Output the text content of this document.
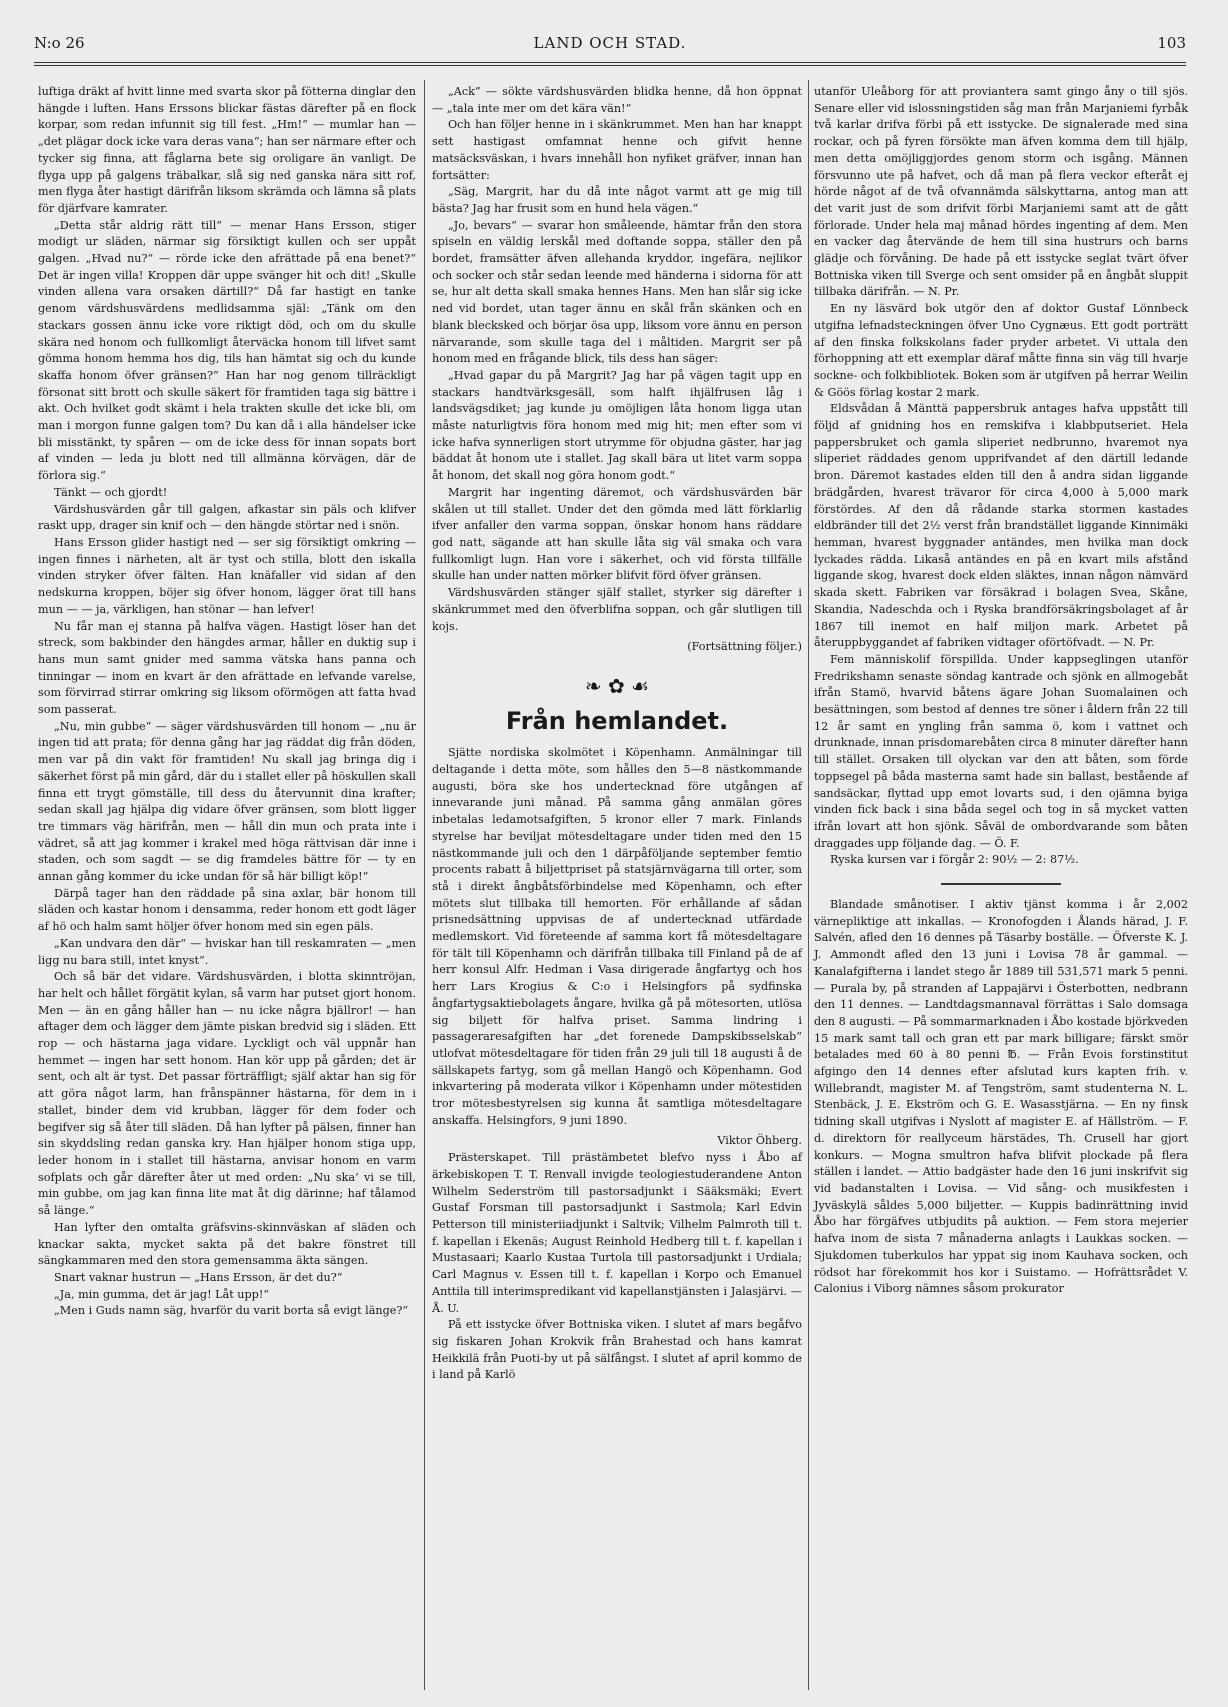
N:o 26	LAND OCH STAD.	103

luftiga dräkt af hvitt linne med svarta skor på fötterna dinglar den hängde i luften. Hans Erssons blickar fästas därefter på en flock korpar, som redan infunnit sig till fest. „Hm!“ — mumlar han — „det plägar dock icke vara deras vana“; han ser närmare efter och tycker sig finna, att fåglarna bete sig oroligare än vanligt. De flyga upp på galgens träbalkar, slå sig ned ganska nära sitt rof, men flyga åter hastigt därifrån liksom skrämda och lämna så plats för djärfvare kamrater.

„Detta står aldrig rätt till“ — menar Hans Ersson, stiger modigt ur släden, närmar sig försiktigt kullen och ser uppåt galgen. „Hvad nu?“ — rörde icke den afrättade på ena benet?“ Det är ingen villa! Kroppen där uppe svänger hit och dit! „Skulle vinden allena vara orsaken därtill?“ Då far hastigt en tanke genom värdshusvärdens medlidsamma själ: „Tänk om den stackars gossen ännu icke vore riktigt död, och om du skulle skära ned honom och fullkomligt återväcka honom till lifvet samt gömma honom hemma hos dig, tils han hämtat sig och du kunde skaffa honom öfver gränsen?“ Han har nog genom tillräckligt försonat sitt brott och skulle säkert för framtiden taga sig bättre i akt. Och hvilket godt skämt i hela trakten skulle det icke bli, om man i morgon funne galgen tom? Du kan då i alla händelser icke bli misstänkt, ty spåren — om de icke dess för innan sopats bort af vinden — leda ju blott ned till allmänna körvägen, där de förlora sig.“

Tänkt — och gjordt!

Värdshusvärden går till galgen, afkastar sin päls och klifver raskt upp, drager sin knif och — den hängde störtar ned i snön.

Hans Ersson glider hastigt ned — ser sig försiktigt omkring — ingen finnes i närheten, alt är tyst och stilla, blott den iskalla vinden stryker öfver fälten. Han knäfaller vid sidan af den nedskurna kroppen, böjer sig öfver honom, lägger örat till hans mun — — ja, värkligen, han stönar — han lefver!

Nu får man ej stanna på halfva vägen. Hastigt löser han det streck, som bakbinder den hängdes armar, håller en duktig sup i hans mun samt gnider med samma vätska hans panna och tinningar — inom en kvart är den afrättade en lefvande varelse, som förvirrad stirrar omkring sig liksom oförmögen att fatta hvad som passerat.

„Nu, min gubbe“ — säger värdshusvärden till honom — „nu är ingen tid att prata; för denna gång har jag räddat dig från döden, men var på din vakt för framtiden! Nu skall jag bringa dig i säkerhet först på min gård, där du i stallet eller på höskullen skall finna ett trygt gömställe, till dess du återvunnit dina krafter; sedan skall jag hjälpa dig vidare öfver gränsen, som blott ligger tre timmars väg härifrån, men — håll din mun och prata inte i vädret, så att jag kommer i krakel med höga rättvisan där inne i staden, och som sagdt — se dig framdeles bättre för — ty en annan gång kommer du icke undan för så här billigt köp!“

Därpå tager han den räddade på sina axlar, bär honom till släden och kastar honom i densamma, reder honom ett godt läger af hö och halm samt höljer öfver honom med sin egen päls.

„Kan undvara den där“ — hviskar han till reskamraten — „men ligg nu bara still, intet knyst“.

Och så bär det vidare. Värdshusvärden, i blotta skinntröjan, har helt och hållet förgätit kylan, så varm har putset gjort honom. Men — än en gång håller han — nu icke några bjällror! — han aftager dem och lägger dem jämte piskan bredvid sig i släden. Ett rop — och hästarna jaga vidare. Lyckligt och väl uppnår han hemmet — ingen har sett honom. Han kör upp på gården; det är sent, och alt är tyst. Det passar förträffligt; själf aktar han sig för att göra något larm, han frånspänner hästarna, för dem in i stallet, binder dem vid krubban, lägger för dem foder och begifver sig så åter till släden. Då han lyfter på pälsen, finner han sin skyddsling redan ganska kry. Han hjälper honom stiga upp, leder honom in i stallet till hästarna, anvisar honom en varm sofplats och går därefter åter ut med orden: „Nu ska’ vi se till, min gubbe, om jag kan finna lite mat åt dig därinne; haf tålamod så länge.“

Han lyfter den omtalta gräfsvins-skinnväskan af släden och knackar sakta, mycket sakta på det bakre fönstret till sängkammaren med den stora gemensamma äkta sängen.

Snart vaknar hustrun — „Hans Ersson, är det du?“

„Ja, min gumma, det är jag! Låt upp!“

„Men i Guds namn säg, hvarför du varit borta så evigt länge?“

„Ack“ — sökte värdshusvärden blidka henne, då hon öppnat — „tala inte mer om det kära vän!“

Och han följer henne in i skänkrummet. Men han har knappt sett hastigast omfamnat henne och gifvit henne matsäcksväskan, i hvars innehåll hon nyfiket gräfver, innan han fortsätter:

„Säg, Margrit, har du då inte något varmt att ge mig till bästa? Jag har frusit som en hund hela vägen.“

„Jo, bevars“ — svarar hon småleende, hämtar från den stora spiseln en väldig lerskål med doftande soppa, ställer den på bordet, framsätter äfven allehanda kryddor, ingefära, nejlikor och socker och står sedan leende med händerna i sidorna för att se, hur alt detta skall smaka hennes Hans. Men han slår sig icke ned vid bordet, utan tager ännu en skål från skänken och en blank blecksked och börjar ösa upp, liksom vore ännu en person närvarande, som skulle taga del i måltiden. Margrit ser på honom med en frågande blick, tils dess han säger:

„Hvad gapar du på Margrit? Jag har på vägen tagit upp en stackars handtvärksgesäll, som halft ihjälfrusen låg i landsvägsdiket; jag kunde ju omöjligen låta honom ligga utan måste naturligtvis föra honom med mig hit; men efter som vi icke hafva synnerligen stort utrymme för objudna gäster, har jag bäddat åt honom ute i stallet. Jag skall bära ut litet varm soppa åt honom, det skall nog göra honom godt.“

Margrit har ingenting däremot, och värdshusvärden bär skålen ut till stallet. Under det den gömda med lätt förklarlig ifver anfaller den varma soppan, önskar honom hans räddare god natt, sägande att han skulle låta sig väl smaka och vara fullkomligt lugn. Han vore i säkerhet, och vid första tillfälle skulle han under natten mörker blifvit förd öfver gränsen.

Värdshusvärden stänger själf stallet, styrker sig därefter i skänkrummet med den öfverblifna soppan, och går slutligen till kojs.

(Fortsättning följer.)

❧ ✿ ☙
Från hemlandet.

Sjätte nordiska skolmötet i Köpenhamn. Anmälningar till deltagande i detta möte, som hålles den 5—8 nästkommande augusti, böra ske hos undertecknad före utgången af innevarande juni månad. På samma gång anmälan göres inbetalas ledamotsafgiften, 5 kronor eller 7 mark. Finlands styrelse har beviljat mötesdeltagare under tiden med den 15 nästkommande juli och den 1 därpåföljande september femtio procents rabatt å biljettpriset på statsjärnvägarna till orter, som stå i direkt ångbåtsförbindelse med Köpenhamn, och efter mötets slut tillbaka till hemorten. För erhållande af sådan prisnedsättning uppvisas de af undertecknad utfärdade medlemskort. Vid företeende af samma kort få mötesdeltagare för tält till Köpenhamn och därifrån tillbaka till Finland på de af herr konsul Alfr. Hedman i Vasa dirigerade ångfartyg och hos herr Lars Krogius & C:o i Helsingfors på sydfinska ångfartygsaktiebolagets ångare, hvilka gå på mötesorten, utlösa sig biljett för halfva priset. Samma lindring i passageraresafgiften har „det forenede Dampskibsselskab“ utlofvat mötesdeltagare för tiden från 29 juli till 18 augusti å de sällskapets fartyg, som gå mellan Hangö och Köpenhamn. God inkvartering på moderata vilkor i Köpenhamn under mötestiden tror mötesbestyrelsen sig kunna åt samtliga mötesdeltagare anskaffa. Helsingfors, 9 juni 1890.

Viktor Öhberg.

Prästerskapet. Till prästämbetet blefvo nyss i Åbo af ärkebiskopen T. T. Renvall invigde teologiestuderandene Anton Wilhelm Sederström till pastorsadjunkt i Sääksmäki; Evert Gustaf Forsman till pastorsadjunkt i Sastmola; Karl Edvin Petterson till ministeriiadjunkt i Saltvik; Vilhelm Palmroth till t. f. kapellan i Ekenäs; August Reinhold Hedberg till t. f. kapellan i Mustasaari; Kaarlo Kustaa Turtola till pastorsadjunkt i Urdiala; Carl Magnus v. Essen till t. f. kapellan i Korpo och Emanuel Anttila till interimspredikant vid kapellanstjänsten i Jalasjärvi. — Å. U.

På ett isstycke öfver Bottniska viken. I slutet af mars begåfvo sig fiskaren Johan Krokvik från Brahestad och hans kamrat Heikkilä från Puoti-by ut på sälfångst. I slutet af april kommo de i land på Karlö

utanför Uleåborg för att proviantera samt gingo åny o till sjös. Senare eller vid islossningstiden såg man från Marjaniemi fyrbåk två karlar drifva förbi på ett isstycke. De signalerade med sina rockar, och på fyren försökte man äfven komma dem till hjälp, men detta omöjliggjordes genom storm och isgång. Männen försvunno ute på hafvet, och då man på flera veckor efteråt ej hörde något af de två ofvannämda sälskyttarna, antog man att det varit just de som drifvit förbi Marjaniemi samt att de gått förlorade. Under hela maj månad hördes ingenting af dem. Men en vacker dag återvände de hem till sina hustrurs och barns glädje och förvåning. De hade på ett isstycke seglat tvärt öfver Bottniska viken till Sverge och sent omsider på en ångbåt sluppit tillbaka därifrån. — N. Pr.

En ny läsvärd bok utgör den af doktor Gustaf Lönnbeck utgifna lefnadsteckningen öfver Uno Cygnæus. Ett godt porträtt af den finska folkskolans fader pryder arbetet. Vi uttala den förhoppning att ett exemplar däraf måtte finna sin väg till hvarje sockne- och folkbibliotek. Boken som är utgifven på herrar Weilin & Göös förlag kostar 2 mark.

Eldsvådan å Mänttä pappersbruk antages hafva uppstått till följd af gnidning hos en remskifva i klabbputseriet. Hela pappersbruket och gamla sliperiet nedbrunno, hvaremot nya sliperiet räddades genom upprifvandet af den därtill ledande bron. Däremot kastades elden till den å andra sidan liggande brädgården, hvarest trävaror för circa 4,000 à 5,000 mark förstördes. Af den då rådande starka stormen kastades eldbränder till det 2½ verst från brandstället liggande Kinnimäki hemman, hvarest byggnader antändes, men hvilka man dock lyckades rädda. Likaså antändes en på en kvart mils afstånd liggande skog, hvarest dock elden släktes, innan någon nämvärd skada skett. Fabriken var försäkrad i bolagen Svea, Skåne, Skandia, Nadeschda och i Ryska brandförsäkringsbolaget af år 1867 till inemot en half miljon mark. Arbetet på återuppbyggandet af fabriken vidtager oförtöfvadt. — N. Pr.

Fem människolif förspillda. Under kappseglingen utanför Fredrikshamn senaste söndag kantrade och sjönk en allmogebåt ifrån Stamö, hvarvid båtens ägare Johan Suomalainen och besättningen, som bestod af dennes tre söner i åldern från 22 till 12 år samt en yngling från samma ö, kom i vattnet och drunknade, innan prisdomarebåten circa 8 minuter därefter hann till stället. Orsaken till olyckan var den att båten, som förde toppsegel på båda masterna samt hade sin ballast, bestående af sandsäckar, flyttad upp emot lovarts sud, i den ojämna byiga vinden fick back i sina båda segel och tog in så mycket vatten ifrån lovart att hon sjönk. Såväl de ombordvarande som båten draggades upp följande dag. — Ö. F.

Ryska kursen var i förgår 2: 90½ — 2: 87½.

Blandade smånotiser. I aktiv tjänst komma i år 2,002 värnepliktige att inkallas. — Kronofogden i Ålands härad, J. F. Salvén, afled den 16 dennes på Täsarby boställe. — Öfverste K. J. J. Ammondt afled den 13 juni i Lovisa 78 år gammal. — Kanalafgifterna i landet stego år 1889 till 531,571 mark 5 penni. — Purala by, på stranden af Lappajärvi i Österbotten, nedbrann den 11 dennes. — Landtdagsmannaval förrättas i Salo domsaga den 8 augusti. — På sommarmarknaden i Åbo kostade björkveden 15 mark samt tall och gran ett par mark billigare; färskt smör betalades med 60 à 80 penni ℔. — Från Evois forstinstitut afgingo den 14 dennes efter afslutad kurs kapten frih. v. Willebrandt, magister M. af Tengström, samt studenterna N. L. Stenbäck, J. E. Ekström och G. E. Wasasstjärna. — En ny finsk tidning skall utgifvas i Nyslott af magister E. af Hällström. — F. d. direktorn för reallyceum härstädes, Th. Crusell har gjort konkurs. — Mogna smultron hafva blifvit plockade på flera ställen i landet. — Attio badgäster hade den 16 juni inskrifvit sig vid badanstalten i Lovisa. — Vid sång- och musikfesten i Jyväskylä såldes 5,000 biljetter. — Kuppis badinrättning invid Åbo har förgäfves utbjudits på auktion. — Fem stora mejerier hafva inom de sista 7 månaderna anlagts i Laukkas socken. — Sjukdomen tuberkulos har yppat sig inom Kauhava socken, och rödsot har förekommit hos kor i Suistamo. — Hofrättsrådet V. Calonius i Viborg nämnes såsom prokurator
